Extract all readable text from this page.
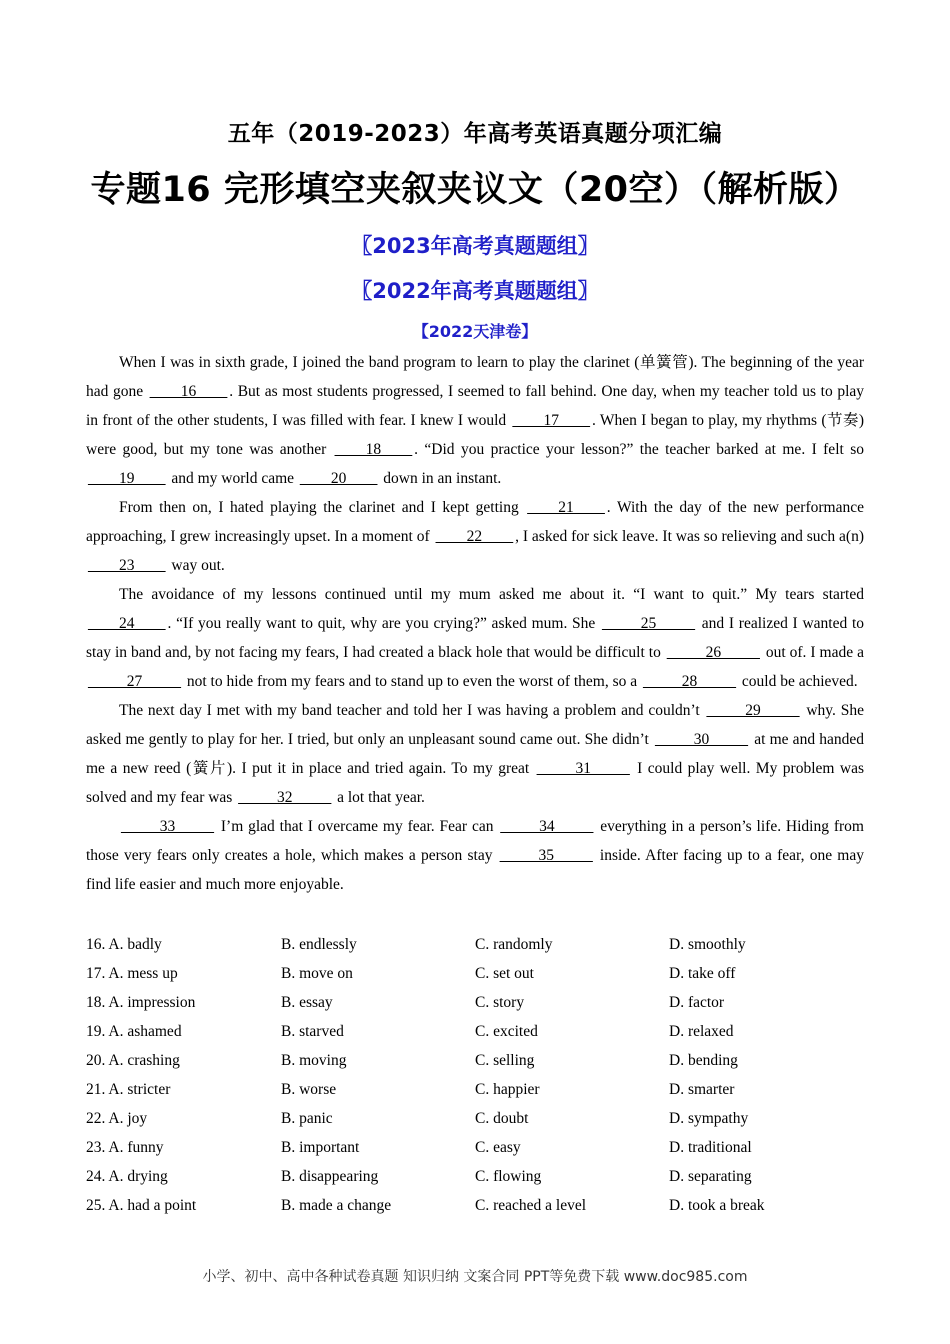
五年（2019-2023）年高考英语真题分项汇编
专题16 完形填空夹叙夹议文（20空）（解析版）
〖2023年高考真题题组〗
〖2022年高考真题题组〗
【2022天津卷】

When I was in sixth grade, I joined the band program to learn to play the clarinet (单簧管). The beginning of the year had gone ____16____ . But as most students progressed, I seemed to fall behind. One day, when my teacher told us to play in front of the other students, I was filled with fear. I knew I would ____17____ . When I began to play, my rhythms (节奏) were good, but my tone was another ____18____ . “Did you practice your lesson?” the teacher barked at me. I felt so ____19____ and my world came ____20____ down in an instant.

From then on, I hated playing the clarinet and I kept getting ____21____ . With the day of the new performance approaching, I grew increasingly upset. In a moment of ____22____ , I asked for sick leave. It was so relieving and such a(n) ____23____ way out.

The avoidance of my lessons continued until my mum asked me about it. “I want to quit.” My tears started ____24____ . “If you really want to quit, why are you crying?” asked mum. She _____25_____ and I realized I wanted to stay in band and, by not facing my fears, I had created a black hole that would be difficult to _____26_____ out of. I made a _____27_____ not to hide from my fears and to stand up to even the worst of them, so a _____28_____ could be achieved.

The next day I met with my band teacher and told her I was having a problem and couldn’t _____29_____ why. She asked me gently to play for her. I tried, but only an unpleasant sound came out. She didn’t _____30_____ at me and handed me a new reed (簧片). I put it in place and tried again. To my great _____31_____ I could play well. My problem was solved and my fear was _____32_____ a lot that year.

_____33_____ I’m glad that I overcame my fear. Fear can _____34_____ everything in a person’s life. Hiding from those very fears only creates a hole, which makes a person stay _____35_____ inside. After facing up to a fear, one may find life easier and much more enjoyable.

16. A. badly	B. endlessly	C. randomly	D. smoothly
17. A. mess up	B. move on	C. set out	D. take off
18. A. impression	B. essay	C. story	D. factor
19. A. ashamed	B. starved	C. excited	D. relaxed
20. A. crashing	B. moving	C. selling	D. bending
21. A. stricter	B. worse	C. happier	D. smarter
22. A. joy	B. panic	C. doubt	D. sympathy
23. A. funny	B. important	C. easy	D. traditional
24. A. drying	B. disappearing	C. flowing	D. separating
25. A. had a point	B. made a change	C. reached a level	D. took a break
小学、初中、高中各种试卷真题 知识归纳 文案合同 PPT等免费下载 www.doc985.com
